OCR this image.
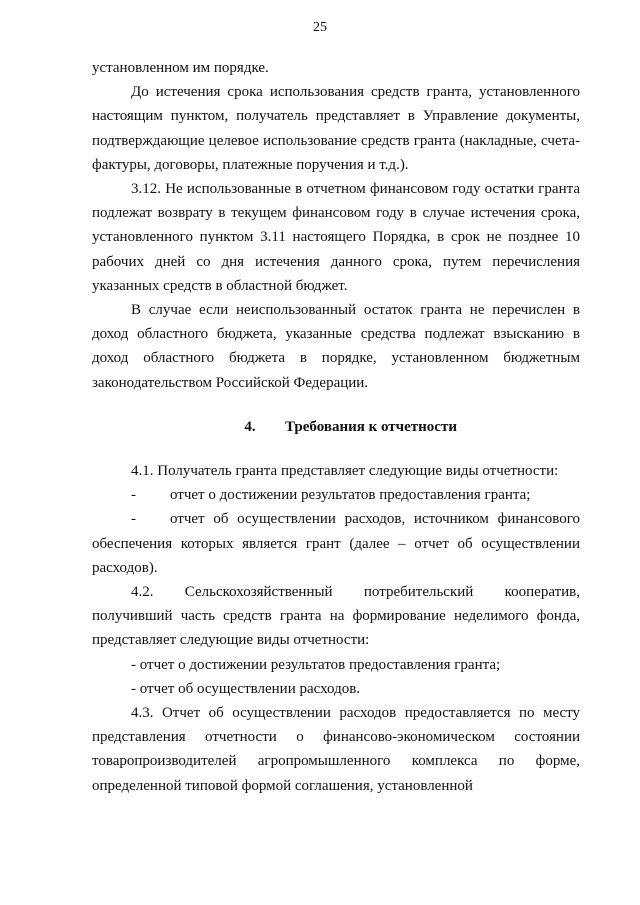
25

установленном им порядке.

До истечения срока использования средств гранта, установленного настоящим пунктом, получатель представляет в Управление документы, подтверждающие целевое использование средств гранта (накладные, счета-фактуры, договоры, платежные поручения и т.д.).

3.12. Не использованные в отчетном финансовом году остатки гранта подлежат возврату в текущем финансовом году в случае истечения срока, установленного пунктом 3.11 настоящего Порядка, в срок не позднее 10 рабочих дней со дня истечения данного срока, путем перечисления указанных средств в областной бюджет.

В случае если неиспользованный остаток гранта не перечислен в доход областного бюджета, указанные средства подлежат взысканию в доход областного бюджета в порядке, установленном бюджетным законодательством Российской Федерации.

4. Требования к отчетности

4.1. Получатель гранта представляет следующие виды отчетности:

- отчет о достижении результатов предоставления гранта;

- отчет об осуществлении расходов, источником финансового обеспечения которых является грант (далее – отчет об осуществлении расходов).

4.2. Сельскохозяйственный потребительский кооператив, получивший часть средств гранта на формирование неделимого фонда, представляет следующие виды отчетности:

- отчет о достижении результатов предоставления гранта;

- отчет об осуществлении расходов.

4.3. Отчет об осуществлении расходов предоставляется по месту представления отчетности о финансово-экономическом состоянии товаропроизводителей агропромышленного комплекса по форме, определенной типовой формой соглашения, установленной
